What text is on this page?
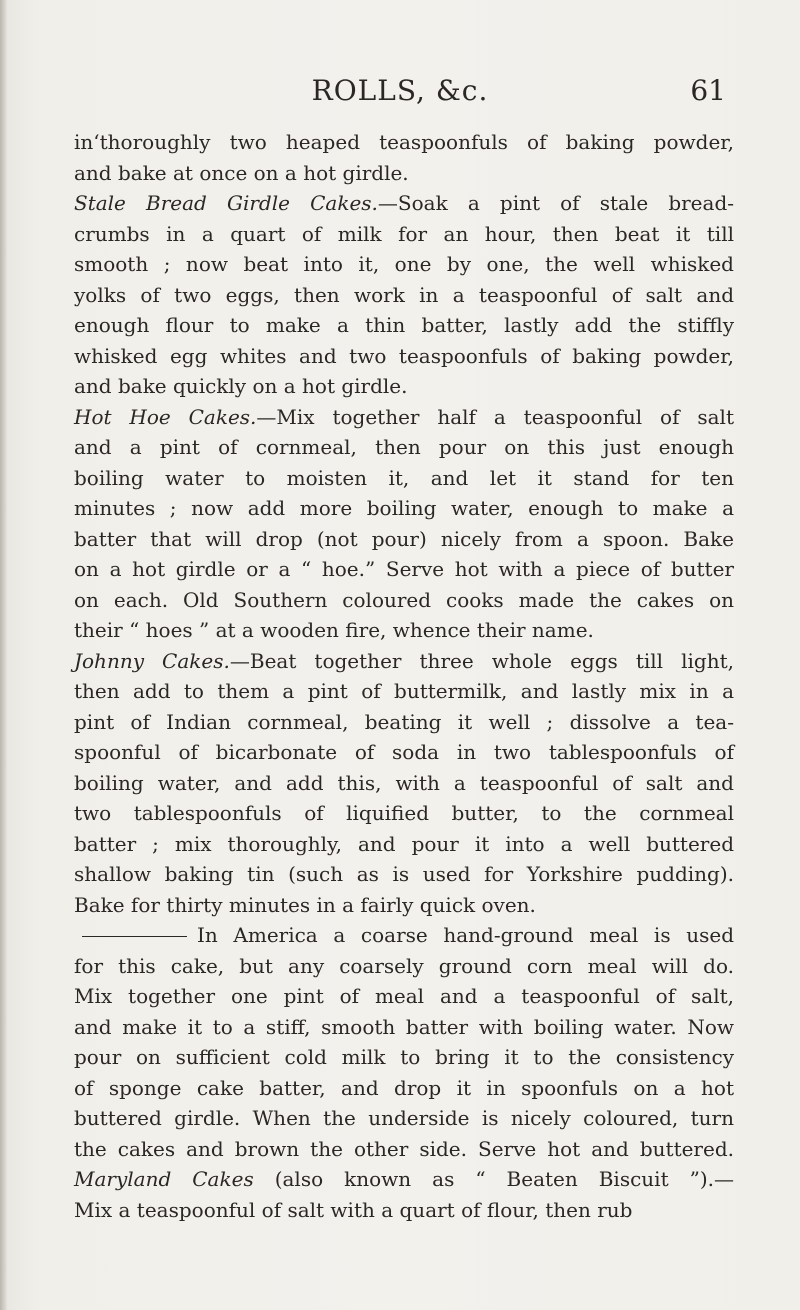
ROLLS, &c.	61
inʻthoroughly two heaped teaspoonfuls of baking powder,
and bake at once on a hot girdle.
Stale Bread Girdle Cakes.—Soak a pint of stale bread-
crumbs in a quart of milk for an hour, then beat it till
smooth ; now beat into it, one by one, the well whisked
yolks of two eggs, then work in a teaspoonful of salt and
enough flour to make a thin batter, lastly add the stiffly
whisked egg whites and two teaspoonfuls of baking powder,
and bake quickly on a hot girdle.
Hot Hoe Cakes.—Mix together half a teaspoonful of salt
and a pint of cornmeal, then pour on this just enough
boiling water to moisten it, and let it stand for ten
minutes ; now add more boiling water, enough to make a
batter that will drop (not pour) nicely from a spoon. Bake
on a hot girdle or a “ hoe.” Serve hot with a piece of butter
on each. Old Southern coloured cooks made the cakes on
their “ hoes ” at a wooden fire, whence their name.
Johnny Cakes.—Beat together three whole eggs till light,
then add to them a pint of buttermilk, and lastly mix in a
pint of Indian cornmeal, beating it well ; dissolve a tea-
spoonful of bicarbonate of soda in two tablespoonfuls of
boiling water, and add this, with a teaspoonful of salt and
two tablespoonfuls of liquified butter, to the cornmeal
batter ; mix thoroughly, and pour it into a well buttered
shallow baking tin (such as is used for Yorkshire pudding).
Bake for thirty minutes in a fairly quick oven.
In America a coarse hand-ground meal is used
for this cake, but any coarsely ground corn meal will do.
Mix together one pint of meal and a teaspoonful of salt,
and make it to a stiff, smooth batter with boiling water. Now
pour on sufficient cold milk to bring it to the consistency
of sponge cake batter, and drop it in spoonfuls on a hot
buttered girdle. When the underside is nicely coloured, turn
the cakes and brown the other side. Serve hot and buttered.
Maryland Cakes (also known as “ Beaten Biscuit ”).—
Mix a teaspoonful of salt with a quart of flour, then rub
